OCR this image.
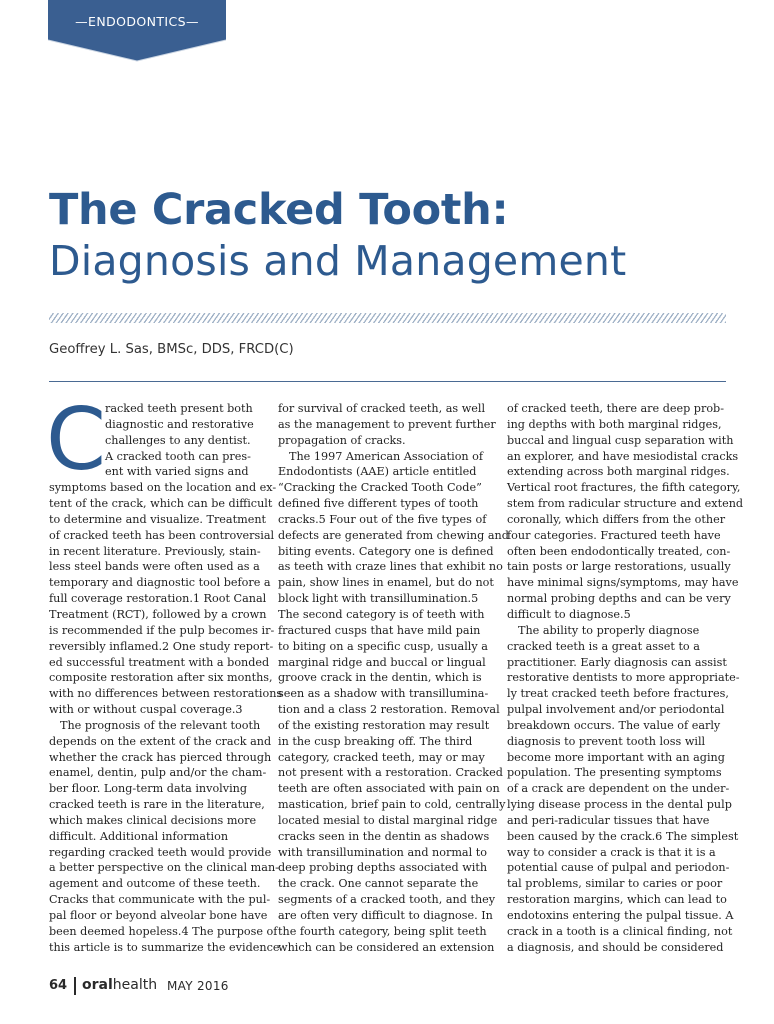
—ENDODONTICS—
The Cracked Tooth:
Diagnosis and Management
Geoffrey L. Sas, BMSc, DDS, FRCD(C)
C
racked teeth present both
diagnostic and restorative
challenges to any dentist.
A cracked tooth can pres-
ent with varied signs and
symptoms based on the location and ex-
tent of the crack, which can be difficult
to determine and visualize. Treatment
of cracked teeth has been controversial
in recent literature. Previously, stain-
less steel bands were often used as a
temporary and diagnostic tool before a
full coverage restoration.1 Root Canal
Treatment (RCT), followed by a crown
is recommended if the pulp becomes ir-
reversibly inflamed.2 One study report-
ed successful treatment with a bonded
composite restoration after six months,
with no differences between restorations
with or without cuspal coverage.3
The prognosis of the relevant tooth
depends on the extent of the crack and
whether the crack has pierced through
enamel, dentin, pulp and/or the cham-
ber floor. Long-term data involving
cracked teeth is rare in the literature,
which makes clinical decisions more
difficult. Additional information
regarding cracked teeth would provide
a better perspective on the clinical man-
agement and outcome of these teeth.
Cracks that communicate with the pul-
pal floor or beyond alveolar bone have
been deemed hopeless.4 The purpose of
this article is to summarize the evidence
for survival of cracked teeth, as well
as the management to prevent further
propagation of cracks.
The 1997 American Association of
Endodontists (AAE) article entitled
“Cracking the Cracked Tooth Code”
defined five different types of tooth
cracks.5 Four out of the five types of
defects are generated from chewing and
biting events. Category one is defined
as teeth with craze lines that exhibit no
pain, show lines in enamel, but do not
block light with transillumination.5
The second category is of teeth with
fractured cusps that have mild pain
to biting on a specific cusp, usually a
marginal ridge and buccal or lingual
groove crack in the dentin, which is
seen as a shadow with transillumina-
tion and a class 2 restoration. Removal
of the existing restoration may result
in the cusp breaking off. The third
category, cracked teeth, may or may
not present with a restoration. Cracked
teeth are often associated with pain on
mastication, brief pain to cold, centrally
located mesial to distal marginal ridge
cracks seen in the dentin as shadows
with transillumination and normal to
deep probing depths associated with
the crack. One cannot separate the
segments of a cracked tooth, and they
are often very difficult to diagnose. In
the fourth category, being split teeth
which can be considered an extension
of cracked teeth, there are deep prob-
ing depths with both marginal ridges,
buccal and lingual cusp separation with
an explorer, and have mesiodistal cracks
extending across both marginal ridges.
Vertical root fractures, the fifth category,
stem from radicular structure and extend
coronally, which differs from the other
four categories. Fractured teeth have
often been endodontically treated, con-
tain posts or large restorations, usually
have minimal signs/symptoms, may have
normal probing depths and can be very
difficult to diagnose.5
The ability to properly diagnose
cracked teeth is a great asset to a
practitioner. Early diagnosis can assist
restorative dentists to more appropriate-
ly treat cracked teeth before fractures,
pulpal involvement and/or periodontal
breakdown occurs. The value of early
diagnosis to prevent tooth loss will
become more important with an aging
population. The presenting symptoms
of a crack are dependent on the under-
lying disease process in the dental pulp
and peri-radicular tissues that have
been caused by the crack.6 The simplest
way to consider a crack is that it is a
potential cause of pulpal and periodon-
tal problems, similar to caries or poor
restoration margins, which can lead to
endotoxins entering the pulpal tissue. A
crack in a tooth is a clinical finding, not
a diagnosis, and should be considered
64 oralhealth MAY 2016
